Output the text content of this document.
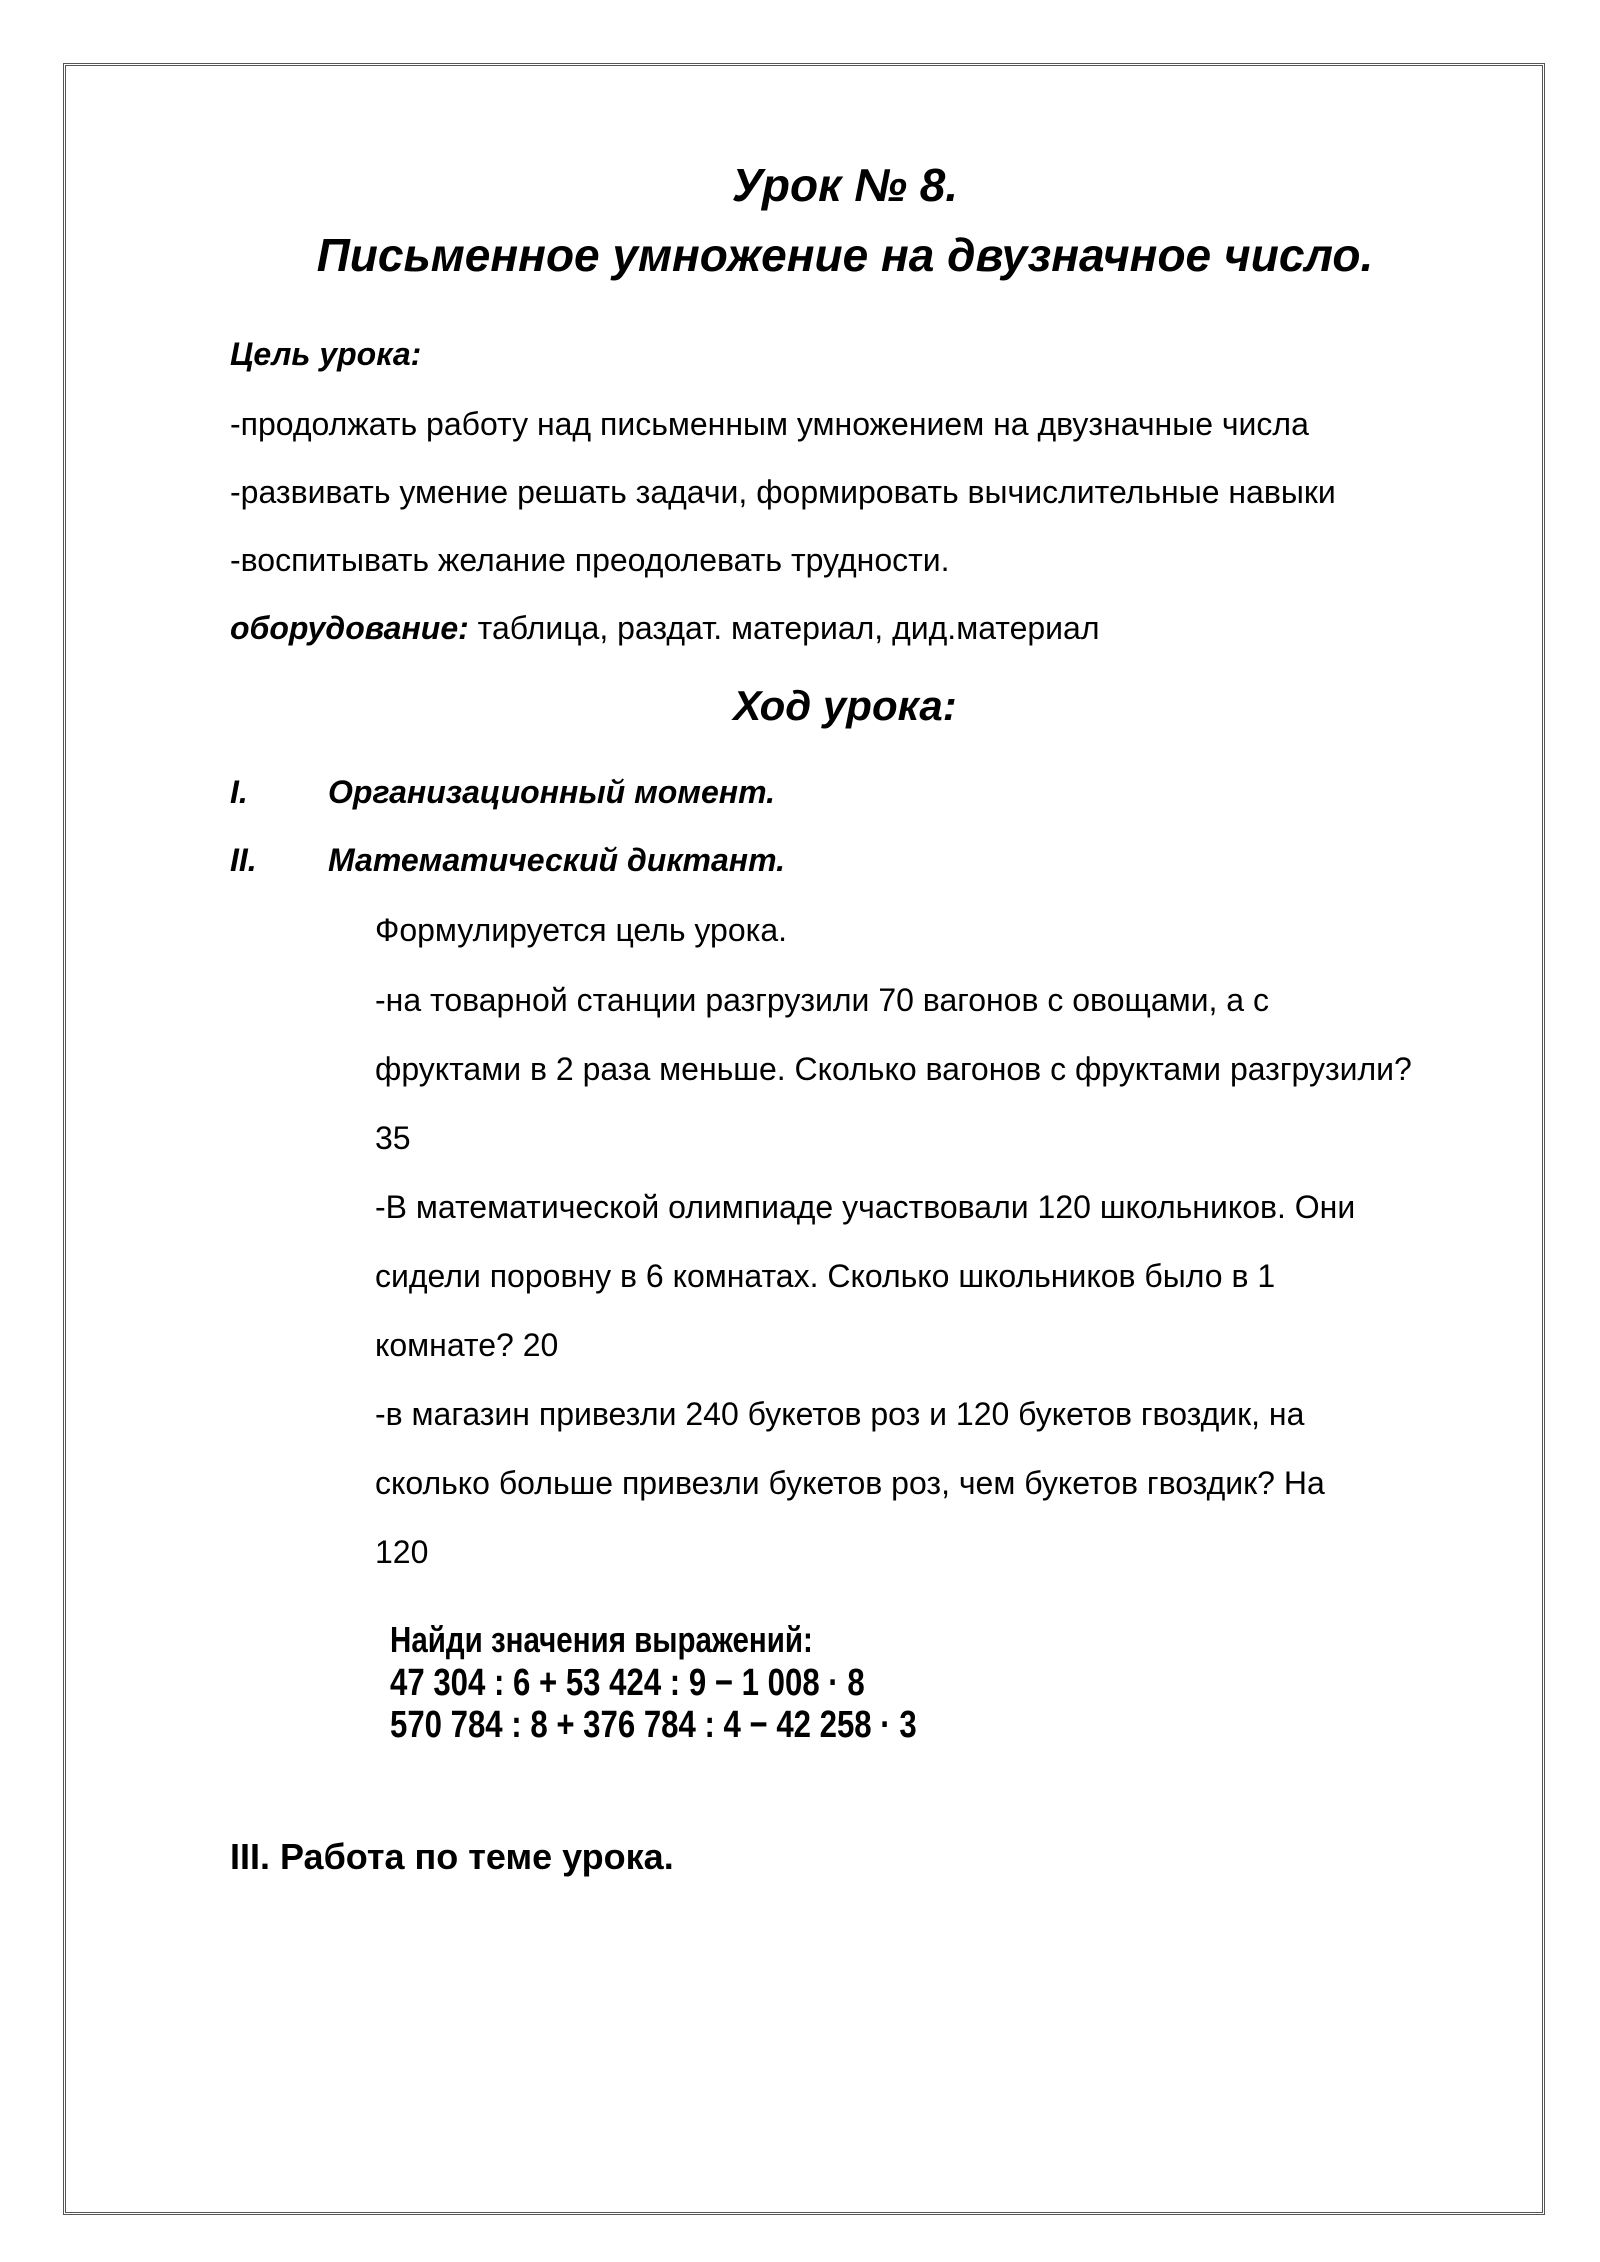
Урок № 8.
Письменное умножение на двузначное число.

Цель урока:

-продолжать работу над письменным умножением на двузначные числа

-развивать умение решать задачи, формировать вычислительные навыки

-воспитывать желание преодолевать трудности.

оборудование: таблица, раздат. материал, дид.материал

Ход урока:
I.	Организационный момент.
II. Математический диктант.
Формулируется цель урока.
-на товарной станции разгрузили 70 вагонов с овощами, а с
фруктами в 2 раза меньше. Сколько вагонов с фруктами разгрузили?
35
-В математической олимпиаде участвовали 120 школьников. Они
сидели поровну в 6 комнатах. Сколько школьников было в 1
комнате? 20
-в магазин привезли 240 букетов роз и 120 букетов гвоздик, на
сколько больше привезли букетов роз, чем букетов гвоздик? На
120
Найди значения выражений:
47 304 : 6 + 53 424 : 9 − 1 008 · 8
570 784 : 8 + 376 784 : 4 − 42 258 · 3
III. Работа по теме урока.
